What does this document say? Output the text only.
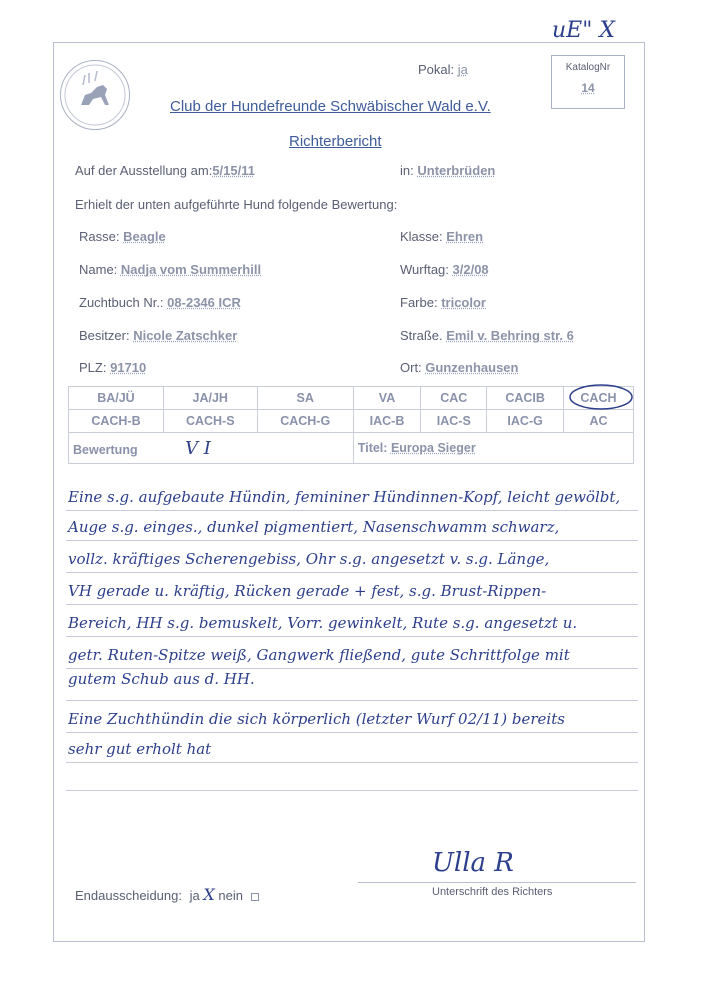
uE" X
Pokal: ja	KatalogNr
14
Club der Hundefreunde Schwäbischer Wald e.V.
Richterbericht
Auf der Ausstellung am:5/15/11	in: Unterbrüden
Erhielt der unten aufgeführte Hund folgende Bewertung:
Rasse: Beagle	Klasse: Ehren
Name: Nadja vom Summerhill	Wurftag: 3/2/08
Zuchtbuch Nr.: 08-2346 ICR	Farbe: tricolor
Besitzer: Nicole Zatschker	Straße. Emil v. Behring str. 6
PLZ: 91710	Ort: Gunzenhausen
BA/JÜ	JA/JH	SA	VA	CAC	CACIB	CACH
CACH-B	CACH-S	CACH-G	IAC-B	IAC-S	IAC-G	AC
Bewertung V I			Titel: Europa Sieger			
Eine s.g. aufgebaute Hündin, femininer Hündinnen-Kopf, leicht gewölbt,
Auge s.g. einges., dunkel pigmentiert, Nasenschwamm schwarz,
vollz. kräftiges Scherengebiss, Ohr s.g. angesetzt v. s.g. Länge,
VH gerade u. kräftig, Rücken gerade + fest, s.g. Brust-Rippen-
Bereich, HH s.g. bemuskelt, Vorr. gewinkelt, Rute s.g. angesetzt u.
getr. Ruten-Spitze weiß, Gangwerk fließend, gute Schrittfolge mit
gutem Schub aus d. HH.
Eine Zuchthündin die sich körperlich (letzter Wurf 02/11) bereits
sehr gut erholt hat
Ulla R
Unterschrift des Richters
Endausscheidung: ja X nein
